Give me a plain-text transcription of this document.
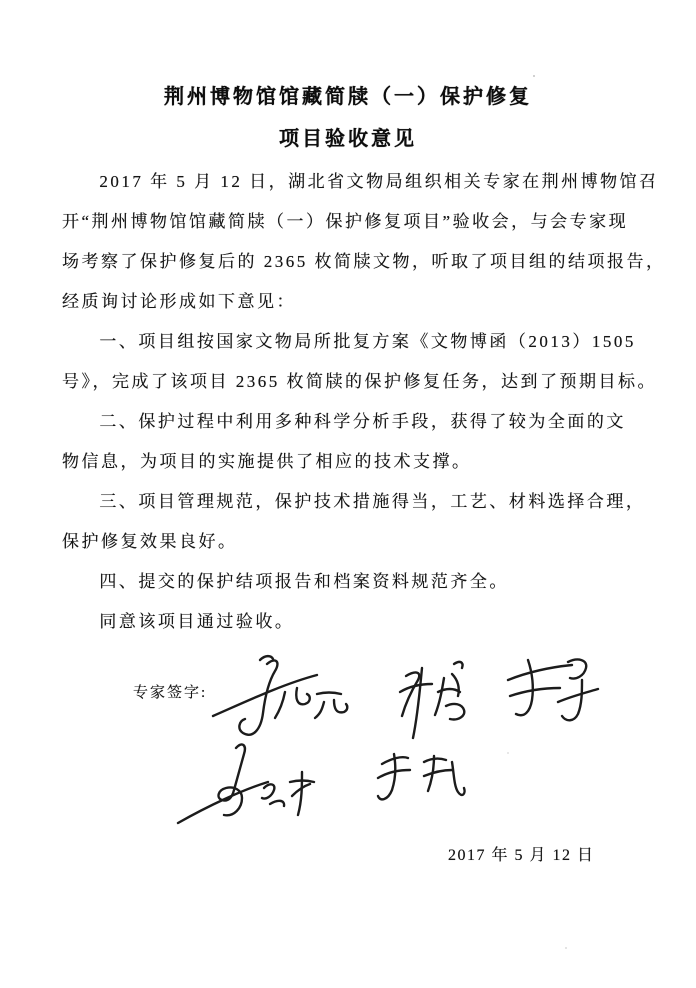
荆州博物馆馆藏简牍（一）保护修复
项目验收意见
2017 年 5 月 12 日，湖北省文物局组织相关专家在荆州博物馆召
开“荆州博物馆馆藏简牍（一）保护修复项目”验收会，与会专家现
场考察了保护修复后的 2365 枚简牍文物，听取了项目组的结项报告，
经质询讨论形成如下意见：
一、项目组按国家文物局所批复方案《文物博函（2013）1505
号》，完成了该项目 2365 枚简牍的保护修复任务，达到了预期目标。
二、保护过程中利用多种科学分析手段，获得了较为全面的文
物信息，为项目的实施提供了相应的技术支撑。
三、项目管理规范，保护技术措施得当，工艺、材料选择合理，
保护修复效果良好。
四、提交的保护结项报告和档案资料规范齐全。
同意该项目通过验收。
专家签字:
2017 年 5 月 12 日
